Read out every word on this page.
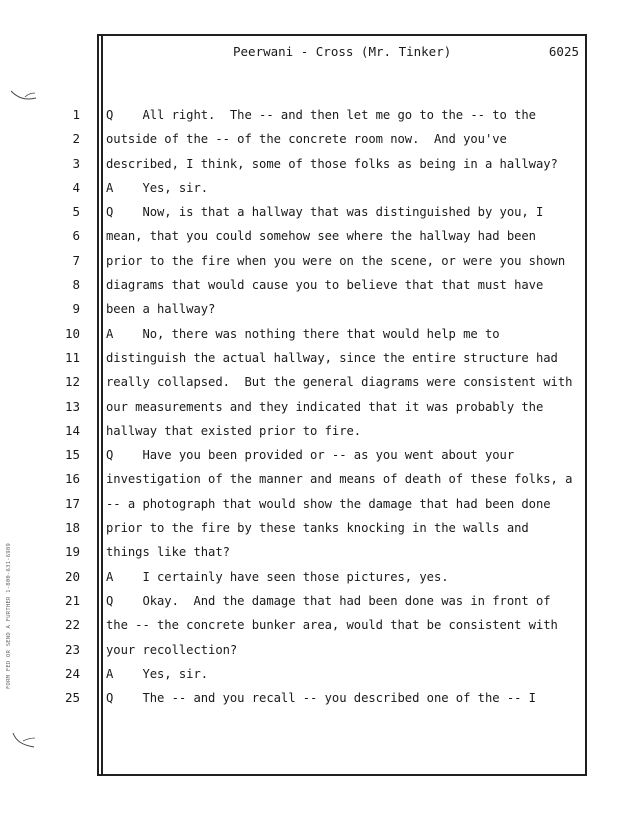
FORM FED OR SEND A FURTHER 1-800-631-6989
Peerwani - Cross (Mr. Tinker)	6025
1
2
3
4
5
6
7
8
9
10
11
12
13
14
15
16
17
18
19
20
21
22
23
24
25
Q    All right.  The -- and then let me go to the -- to the
outside of the -- of the concrete room now.  And you've
described, I think, some of those folks as being in a hallway?
A    Yes, sir.
Q    Now, is that a hallway that was distinguished by you, I
mean, that you could somehow see where the hallway had been
prior to the fire when you were on the scene, or were you shown
diagrams that would cause you to believe that that must have
been a hallway?
A    No, there was nothing there that would help me to
distinguish the actual hallway, since the entire structure had
really collapsed.  But the general diagrams were consistent with
our measurements and they indicated that it was probably the
hallway that existed prior to fire.
Q    Have you been provided or -- as you went about your
investigation of the manner and means of death of these folks, a
-- a photograph that would show the damage that had been done
prior to the fire by these tanks knocking in the walls and
things like that?
A    I certainly have seen those pictures, yes.
Q    Okay.  And the damage that had been done was in front of
the -- the concrete bunker area, would that be consistent with
your recollection?
A    Yes, sir.
Q    The -- and you recall -- you described one of the -- I
